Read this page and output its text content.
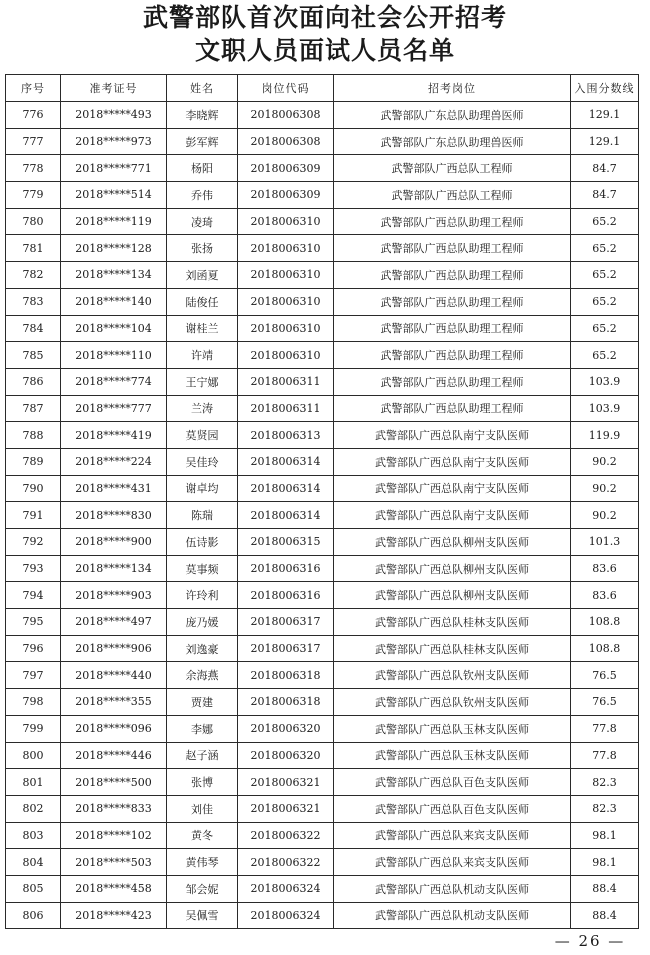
武警部队首次面向社会公开招考
文职人员面试人员名单
序号	准考证号	姓名	岗位代码	招考岗位	入围分数线
776	2018*****493	李晓辉	2018006308	武警部队广东总队助理兽医师	129.1
777	2018*****973	彭军辉	2018006308	武警部队广东总队助理兽医师	129.1
778	2018*****771	杨阳	2018006309	武警部队广西总队工程师	84.7
779	2018*****514	乔伟	2018006309	武警部队广西总队工程师	84.7
780	2018*****119	凌琦	2018006310	武警部队广西总队助理工程师	65.2
781	2018*****128	张扬	2018006310	武警部队广西总队助理工程师	65.2
782	2018*****134	刘函夏	2018006310	武警部队广西总队助理工程师	65.2
783	2018*****140	陆俊任	2018006310	武警部队广西总队助理工程师	65.2
784	2018*****104	谢桂兰	2018006310	武警部队广西总队助理工程师	65.2
785	2018*****110	许靖	2018006310	武警部队广西总队助理工程师	65.2
786	2018*****774	王宁娜	2018006311	武警部队广西总队助理工程师	103.9
787	2018*****777	兰涛	2018006311	武警部队广西总队助理工程师	103.9
788	2018*****419	莫贤园	2018006313	武警部队广西总队南宁支队医师	119.9
789	2018*****224	吴佳玲	2018006314	武警部队广西总队南宁支队医师	90.2
790	2018*****431	谢卓均	2018006314	武警部队广西总队南宁支队医师	90.2
791	2018*****830	陈瑞	2018006314	武警部队广西总队南宁支队医师	90.2
792	2018*****900	伍诗影	2018006315	武警部队广西总队柳州支队医师	101.3
793	2018*****134	莫事频	2018006316	武警部队广西总队柳州支队医师	83.6
794	2018*****903	许玲利	2018006316	武警部队广西总队柳州支队医师	83.6
795	2018*****497	庞乃媛	2018006317	武警部队广西总队桂林支队医师	108.8
796	2018*****906	刘逸豪	2018006317	武警部队广西总队桂林支队医师	108.8
797	2018*****440	余海燕	2018006318	武警部队广西总队钦州支队医师	76.5
798	2018*****355	贾建	2018006318	武警部队广西总队钦州支队医师	76.5
799	2018*****096	李娜	2018006320	武警部队广西总队玉林支队医师	77.8
800	2018*****446	赵子涵	2018006320	武警部队广西总队玉林支队医师	77.8
801	2018*****500	张博	2018006321	武警部队广西总队百色支队医师	82.3
802	2018*****833	刘佳	2018006321	武警部队广西总队百色支队医师	82.3
803	2018*****102	黄冬	2018006322	武警部队广西总队来宾支队医师	98.1
804	2018*****503	黄伟琴	2018006322	武警部队广西总队来宾支队医师	98.1
805	2018*****458	邹会妮	2018006324	武警部队广西总队机动支队医师	88.4
806	2018*****423	吴佩雪	2018006324	武警部队广西总队机动支队医师	88.4
— 26 —
